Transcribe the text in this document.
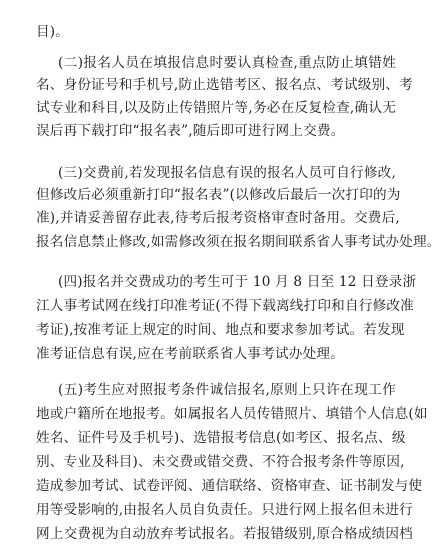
目)。
(二)报名人员在填报信息时要认真检查,重点防止填错姓
名、身份证号和手机号,防止选错考区、报名点、考试级别、考
试专业和科目,以及防止传错照片等,务必在反复检查,确认无
误后再下载打印“报名表”,随后即可进行网上交费。
(三)交费前,若发现报名信息有误的报名人员可自行修改,
但修改后必须重新打印“报名表”(以修改后最后一次打印的为
准),并请妥善留存此表,待考后报考资格审查时备用。交费后,
报名信息禁止修改,如需修改须在报名期间联系省人事考试办处理。
(四)报名并交费成功的考生可于 10 月 8 日至 12 日登录浙
江人事考试网在线打印准考证(不得下载离线打印和自行修改准
考证),按准考证上规定的时间、地点和要求参加考试。若发现
准考证信息有误,应在考前联系省人事考试办处理。
(五)考生应对照报考条件诚信报名,原则上只许在现工作
地或户籍所在地报考。如属报名人员传错照片、填错个人信息(如
姓名、证件号及手机号)、选错报考信息(如考区、报名点、级
别、专业及科目)、未交费或错交费、不符合报考条件等原因,
造成参加考试、试卷评阅、通信联络、资格审查、证书制发与使
用等受影响的,由报名人员自负责任。只进行网上报名但未进行
网上交费视为自动放弃考试报名。若报错级别,原合格成绩因档
